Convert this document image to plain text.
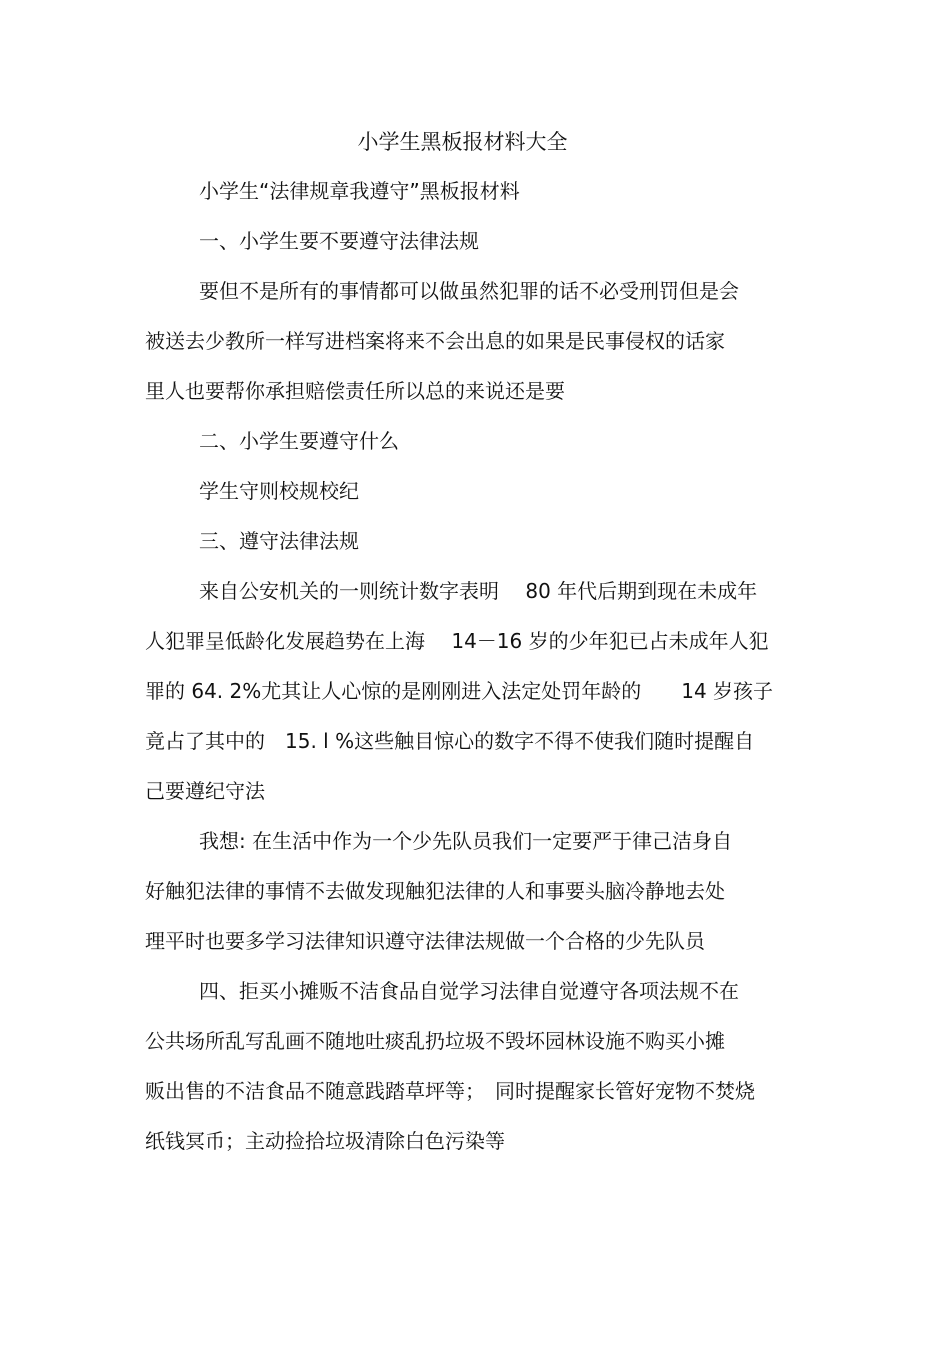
小学生黑板报材料大全
小学生“法律规章我遵守”黑板报材料
一、小学生要不要遵守法律法规
要但不是所有的事情都可以做虽然犯罪的话不必受刑罚但是会
被送去少教所一样写进档案将来不会出息的如果是民事侵权的话家
里人也要帮你承担赔偿责任所以总的来说还是要
二、小学生要遵守什么
学生守则校规校纪
三、遵守法律法规
来自公安机关的一则统计数字表明　 80 年代后期到现在未成年
人犯罪呈低龄化发展趋势在上海　 14－16 岁的少年犯已占未成年人犯
罪的 64. 2%尤其让人心惊的是刚刚进入法定处罚年龄的　　14 岁孩子
竟占了其中的　15. l %这些触目惊心的数字不得不使我们随时提醒自
己要遵纪守法
我想: 在生活中作为一个少先队员我们一定要严于律己洁身自
好触犯法律的事情不去做发现触犯法律的人和事要头脑冷静地去处
理平时也要多学习法律知识遵守法律法规做一个合格的少先队员
四、拒买小摊贩不洁食品自觉学习法律自觉遵守各项法规不在
公共场所乱写乱画不随地吐痰乱扔垃圾不毁坏园林设施不购买小摊
贩出售的不洁食品不随意践踏草坪等；　同时提醒家长管好宠物不焚烧
纸钱冥币；主动捡拾垃圾清除白色污染等
